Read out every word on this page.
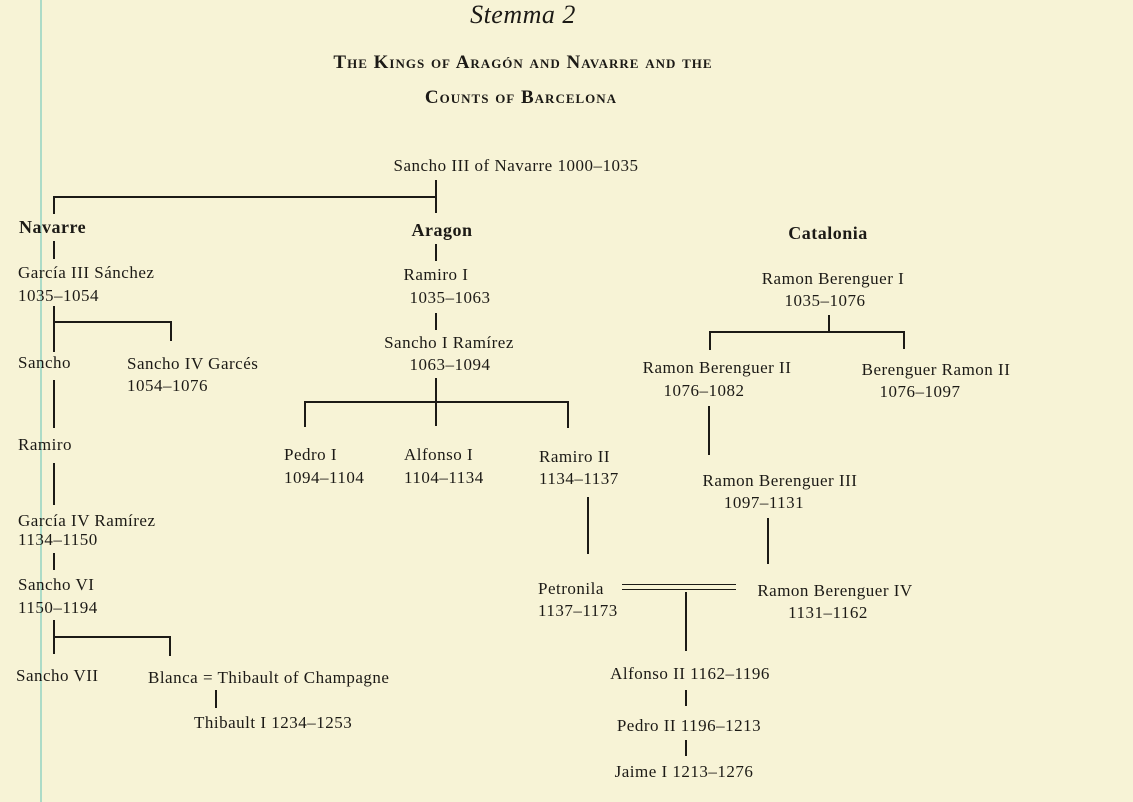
Stemma 2
The Kings of Aragón and Navarre and the
Counts of Barcelona
Sancho III of Navarre 1000–1035
Navarre	Aragon	Catalonia
García III Sánchez
1035–1054
Sancho	Sancho IV Garcés
1054–1076
Ramiro
García IV Ramírez
1134–1150
Sancho VI
1150–1194
Sancho VII	Blanca = Thibault of Champagne
Thibault I 1234–1253
Ramiro I
1035–1063
Sancho I Ramírez
1063–1094
Pedro I
1094–1104
Alfonso I
1104–1134
Ramiro II
1134–1137
Petronila
1137–1173
Alfonso II 1162–1196
Pedro II 1196–1213
Jaime I 1213–1276
Ramon Berenguer I
1035–1076
Ramon Berenguer II
1076–1082
Berenguer Ramon II
1076–1097
Ramon Berenguer III
1097–1131
Ramon Berenguer IV
1131–1162
